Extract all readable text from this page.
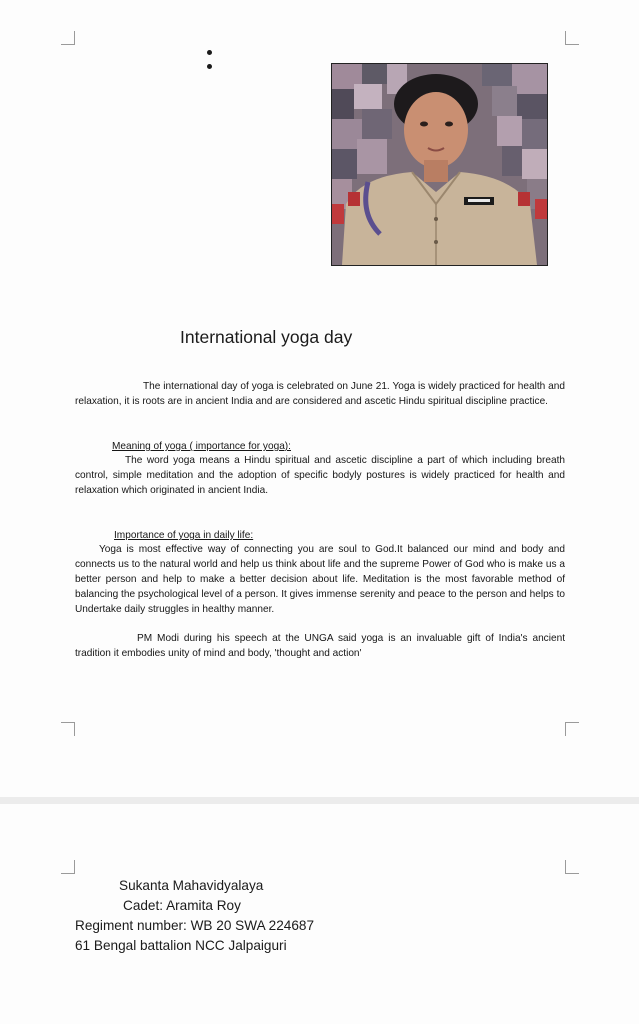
International yoga day

The international day of yoga is celebrated on June 21. Yoga is widely practiced for health and relaxation, it is roots are in ancient India and are considered and ascetic Hindu spiritual discipline practice.

Meaning of yoga ( importance for yoga):

The word yoga means a Hindu spiritual and ascetic discipline a part of which including breath control, simple meditation and the adoption of specific bodyly postures is widely practiced for health and relaxation which originated in ancient India.

Importance of yoga in daily life:

Yoga is most effective way of connecting you are soul to God.It balanced our mind and body and connects us to the natural world and help us think about life and the supreme Power of God who is make us a better person and help to make a better decision about life. Meditation is the most favorable method of balancing the psychological level of a person. It gives immense serenity and peace to the person and helps to Undertake daily struggles in healthy manner.

PM Modi during his speech at the UNGA said yoga is an invaluable gift of India's ancient tradition it embodies unity of mind and body, 'thought and action'

Sukanta Mahavidyalaya
Cadet: Aramita Roy
Regiment number: WB 20 SWA 224687
61 Bengal battalion NCC Jalpaiguri
